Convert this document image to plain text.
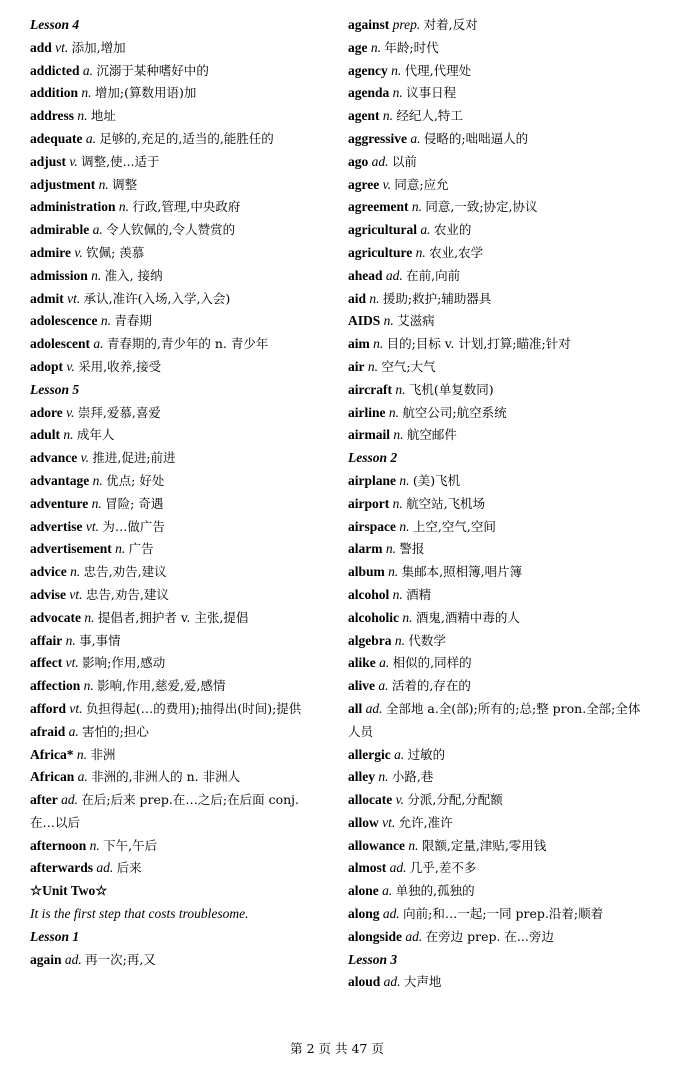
Lesson 4
add vt. 添加,增加
addicted a. 沉溺于某种嗜好中的
addition n. 增加;(算数用语)加
address n. 地址
adequate a. 足够的,充足的,适当的,能胜任的
adjust v. 调整,使...适于
adjustment n. 调整
administration n. 行政,管理,中央政府
admirable a. 令人钦佩的,令人赞赏的
admire v. 钦佩; 羡慕
admission n. 准入, 接纳
admit vt. 承认,准许(入场,入学,入会)
adolescence n. 青春期
adolescent a. 青春期的,青少年的 n. 青少年
adopt v. 采用,收养,接受
Lesson 5
adore v. 崇拜,爱慕,喜爱
adult n. 成年人
advance v. 推进,促进;前进
advantage n. 优点; 好处
adventure n. 冒险; 奇遇
advertise vt. 为…做广告
advertisement n. 广告
advice n. 忠告,劝告,建议
advise vt. 忠告,劝告,建议
advocate n. 提倡者,拥护者 v. 主张,提倡
affair n. 事,事情
affect vt. 影响;作用,感动
affection n. 影响,作用,慈爱,爱,感情
afford vt. 负担得起(…的费用);抽得出(时间);提供
afraid a. 害怕的;担心
Africa* n. 非洲
African a. 非洲的,非洲人的 n. 非洲人
after ad. 在后;后来 prep.在…之后;在后面 conj. 在…以后
afternoon n. 下午,午后
afterwards ad. 后来
☆Unit Two☆
It is the first step that costs troublesome.
Lesson 1
again ad. 再一次;再,又
against prep. 对着,反对
age n. 年龄;时代
agency n. 代理,代理处
agenda n. 议事日程
agent n. 经纪人,特工
aggressive a. 侵略的;咄咄逼人的
ago ad. 以前
agree v. 同意;应允
agreement n. 同意,一致;协定,协议
agricultural a. 农业的
agriculture n. 农业,农学
ahead ad. 在前,向前
aid n. 援助;救护;辅助器具
AIDS n. 艾滋病
aim n. 目的;目标 v. 计划,打算;瞄准;针对
air n. 空气;大气
aircraft n. 飞机(单复数同)
airline n. 航空公司;航空系统
airmail n. 航空邮件
Lesson 2
airplane n. (美)飞机
airport n. 航空站,飞机场
airspace n. 上空,空气,空间
alarm n. 警报
album n. 集邮本,照相簿,唱片簿
alcohol n. 酒精
alcoholic n. 酒鬼,酒精中毒的人
algebra n. 代数学
alike a. 相似的,同样的
alive a. 活着的,存在的
all ad. 全部地 a.全(部);所有的;总;整 pron.全部;全体人员
allergic a. 过敏的
alley n. 小路,巷
allocate v. 分派,分配,分配额
allow vt. 允许,准许
allowance n. 限额,定量,津贴,零用钱
almost ad. 几乎,差不多
alone a. 单独的,孤独的
along ad. 向前;和…一起;一同 prep.沿着;顺着
alongside ad. 在旁边 prep. 在...旁边
Lesson 3
aloud ad. 大声地
第 2 页 共 47 页
